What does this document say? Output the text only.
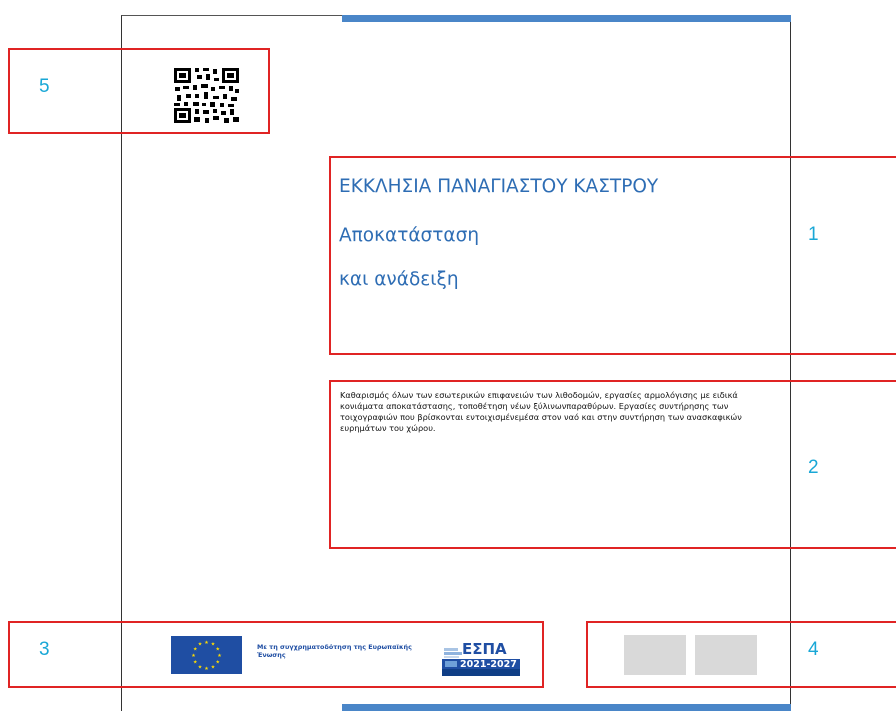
ΕΚΚΛΗΣΙΑ ΠΑΝΑΓΙΑΣΤΟΥ ΚΑΣΤΡΟΥ
Αποκατάσταση
και ανάδειξη
Καθαρισμός όλων των εσωτερικών επιφανειών των λιθοδομών, εργασίες αρμολόγισης με ειδικά κονιάματα αποκατάστασης, τοποθέτηση νέων ξύλινωνπαραθύρων. Εργασίες συντήρησης των τοιχογραφιών που βρίσκονται εντοιχισμένεμέσα στον ναό και στην συντήρηση των ανασκαφικών ευρημάτων του χώρου.
★ ★
★
★
★
★
★
★
★
★
★
★	Με τη συγχρηματοδότηση της Ευρωπαϊκής Ένωσης	ΕΣΠΑ
2021-2027
5
1
2
3	4
